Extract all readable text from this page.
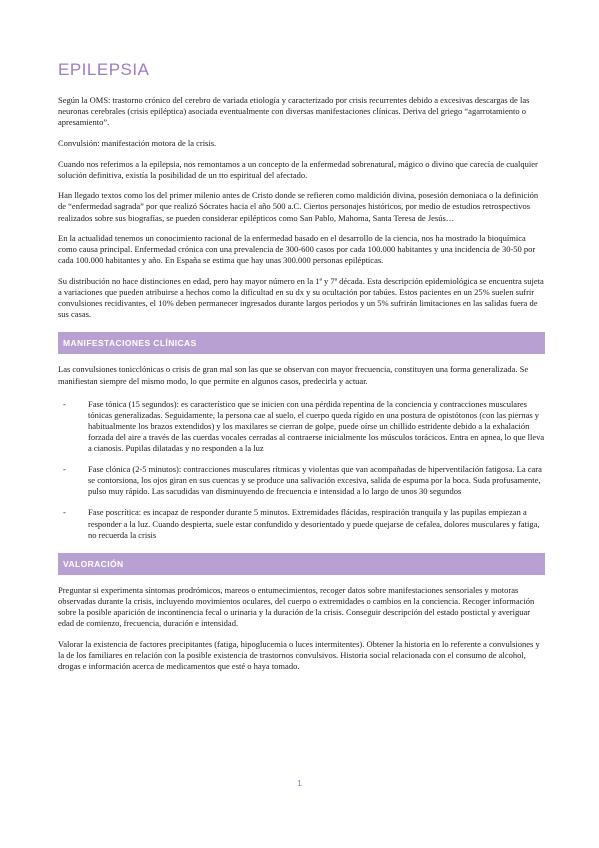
EPILEPSIA

Según la OMS: trastorno crónico del cerebro de variada etiología y caracterizado por crisis recurrentes debido a excesivas descargas de las neuronas cerebrales (crisis epiléptica) asociada eventualmente con diversas manifestaciones clínicas. Deriva del griego “agarrotamiento o apresamiento”.

Convulsión: manifestación motora de la crisis.

Cuando nos referimos a la epilepsia, nos remontamos a un concepto de la enfermedad sobrenatural, mágico o divino que carecía de cualquier solución definitiva, existía la posibilidad de un tto espiritual del afectado.

Han llegado textos como los del primer milenio antes de Cristo donde se refieren como maldición divina, posesión demoniaca o la definición de “enfermedad sagrada” por que realizó Sócrates hacia el año 500 a.C. Ciertos personajes históricos, por medio de estudios retrospectivos realizados sobre sus biografías, se pueden considerar epilépticos como San Pablo, Mahoma, Santa Teresa de Jesús…

En la actualidad tenemos un conocimiento racional de la enfermedad basado en el desarrollo de la ciencia, nos ha mostrado la bioquímica como causa principal. Enfermedad crónica con una prevalencia de 300-600 casos por cada 100.000 habitantes y una incidencia de 30-50 por cada 100.000 habitantes y año. En España se estima que hay unas 300.000 personas epilépticas.

Su distribución no hace distinciones en edad, pero hay mayor número en la 1ª y 7ª década. Esta descripción epidemiológica se encuentra sujeta a variaciones que pueden atribuirse a hechos como la dificultad en su dx y su ocultación por tabúes. Estos pacientes en un 25% suelen sufrir convulsiones recidivantes, el 10% deben permanecer ingresados durante largos periodos y un 5% sufrirán limitaciones en las salidas fuera de sus casas.

MANIFESTACIONES CLÍNICAS

Las convulsiones tonicclónicas o crisis de gran mal son las que se observan con mayor frecuencia, constituyen una forma generalizada. Se manifiestan siempre del mismo modo, lo que permite en algunos casos, predecirla y actuar.

-	Fase tónica (15 segundos): es característico que se inicien con una pérdida repentina de la conciencia y contracciones musculares tónicas generalizadas. Seguidamente, la persona cae al suelo, el cuerpo queda rígido en una postura de opistótonos (con las piernas y habitualmente los brazos extendidos) y los maxilares se cierran de golpe, puede oírse un chillido estridente debido a la exhalación forzada del aire a través de las cuerdas vocales cerradas al contraerse inicialmente los músculos torácicos. Entra en apnea, lo que lleva a cianosis. Pupilas dilatadas y no responden a la luz
-	Fase clónica (2-5 minutos): contracciones musculares rítmicas y violentas que van acompañadas de hiperventilación fatigosa. La cara se contorsiona, los ojos giran en sus cuencas y se produce una salivación excesiva, salida de espuma por la boca. Suda profusamente, pulso muy rápido. Las sacudidas van disminuyendo de frecuencia e intensidad a lo largo de unos 30 segundos
-	Fase poscrítica: es incapaz de responder durante 5 minutos. Extremidades flácidas, respiración tranquila y las pupilas empiezan a responder a la luz. Cuando despierta, suele estar confundido y desorientado y puede quejarse de cefalea, dolores musculares y fatiga, no recuerda la crisis
VALORACIÓN

Preguntar si experimenta síntomas prodrómicos, mareos o entumecimientos, recoger datos sobre manifestaciones sensoriales y motoras observadas durante la crisis, incluyendo movimientos oculares, del cuerpo o extremidades o cambios en la conciencia. Recoger información sobre la posible aparición de incontinencia fecal o urinaria y la duración de la crisis. Conseguir descripción del estado postictal y averiguar edad de comienzo, frecuencia, duración e intensidad.

Valorar la existencia de factores precipitantes (fatiga, hipoglucemia o luces intermitentes). Obtener la historia en lo referente a convulsiones y la de los familiares en relación con la posible existencia de trastornos convulsivos. Historia social relacionada con el consumo de alcohol, drogas e información acerca de medicamentos que esté o haya tomado.

1
